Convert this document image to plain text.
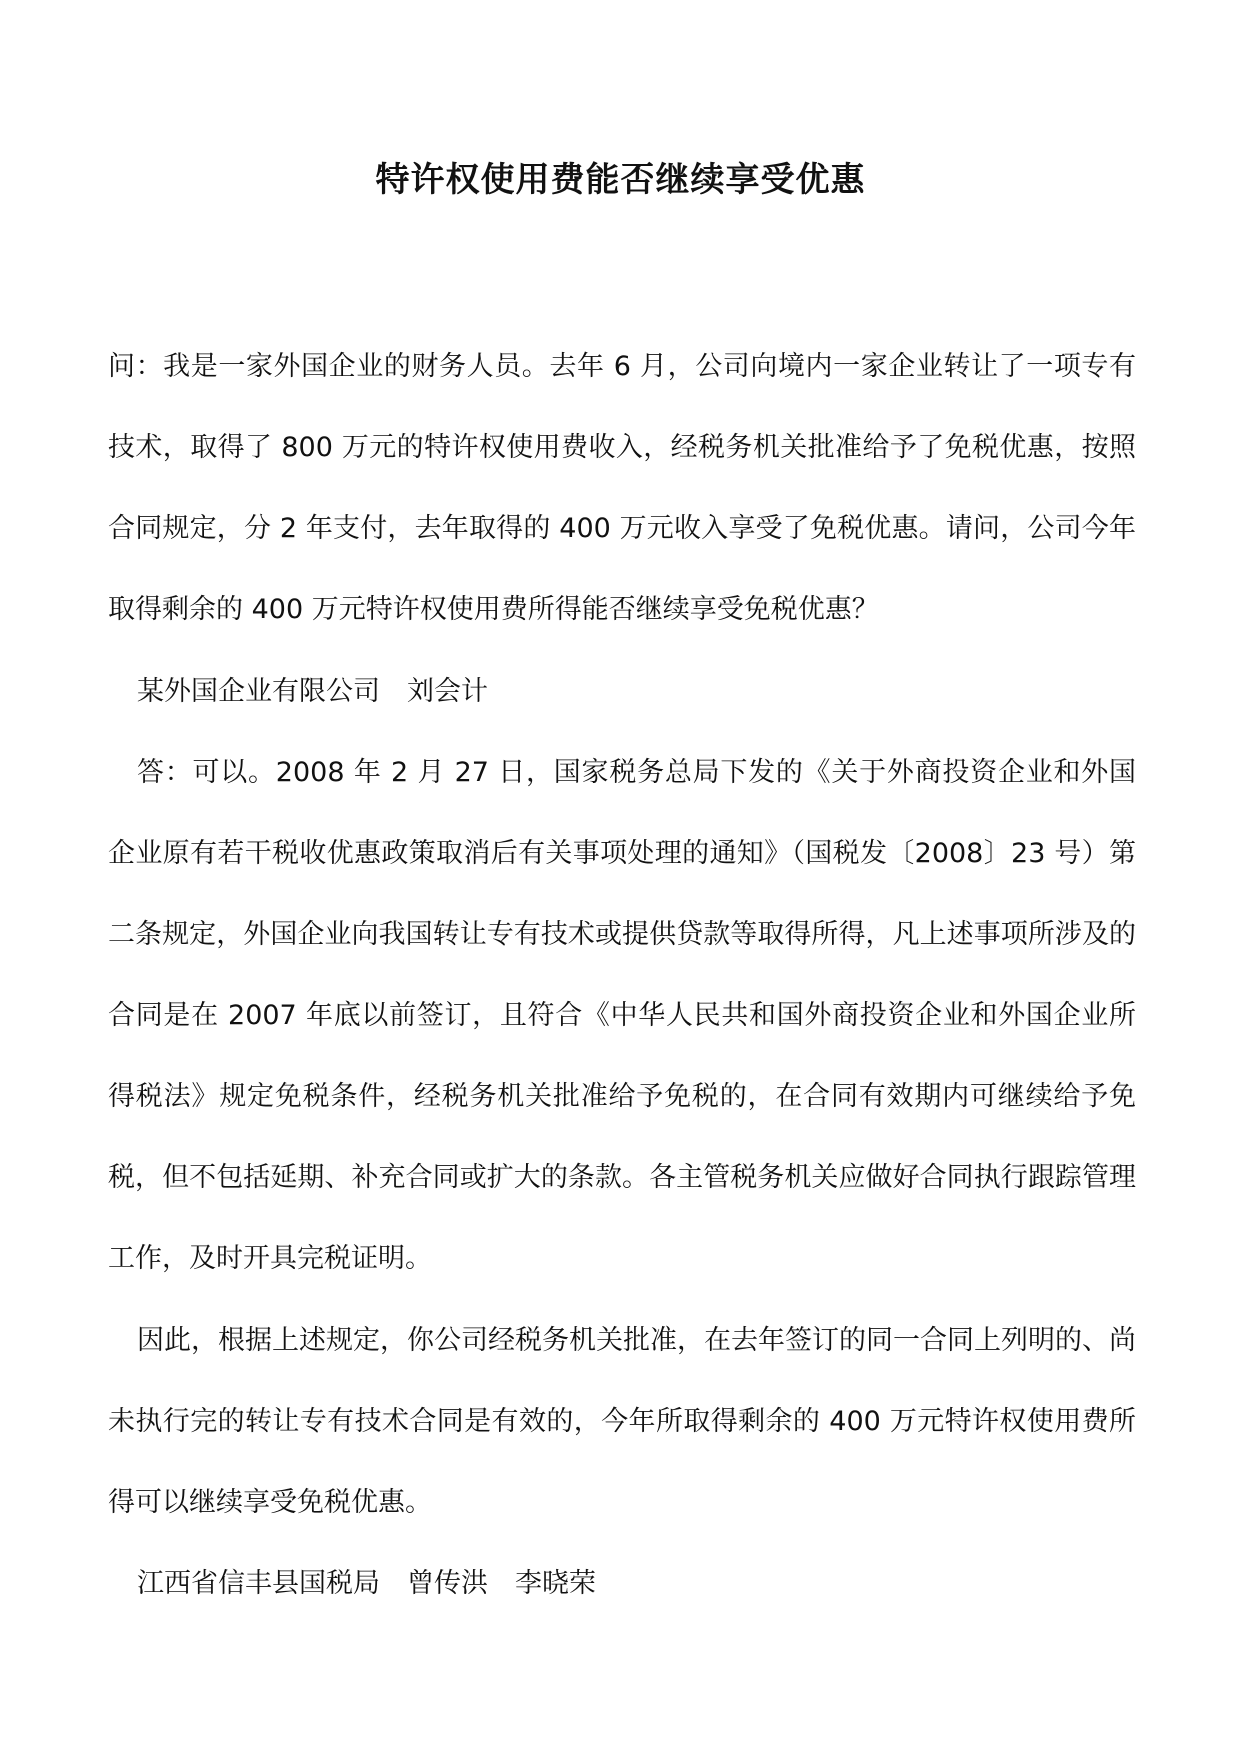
特许权使用费能否继续享受优惠

问：我是一家外国企业的财务人员。去年 6 月，公司向境内一家企业转让了一项专有技术，取得了 800 万元的特许权使用费收入，经税务机关批准给予了免税优惠，按照合同规定，分 2 年支付，去年取得的 400 万元收入享受了免税优惠。请问，公司今年取得剩余的 400 万元特许权使用费所得能否继续享受免税优惠？

某外国企业有限公司　刘会计

答：可以。2008 年 2 月 27 日，国家税务总局下发的《关于外商投资企业和外国企业原有若干税收优惠政策取消后有关事项处理的通知》（国税发〔2008〕23 号）第二条规定，外国企业向我国转让专有技术或提供贷款等取得所得，凡上述事项所涉及的合同是在 2007 年底以前签订，且符合《中华人民共和国外商投资企业和外国企业所得税法》规定免税条件，经税务机关批准给予免税的，在合同有效期内可继续给予免税，但不包括延期、补充合同或扩大的条款。各主管税务机关应做好合同执行跟踪管理工作，及时开具完税证明。

因此，根据上述规定，你公司经税务机关批准，在去年签订的同一合同上列明的、尚未执行完的转让专有技术合同是有效的，今年所取得剩余的 400 万元特许权使用费所得可以继续享受免税优惠。

江西省信丰县国税局　曾传洪　李晓荣
